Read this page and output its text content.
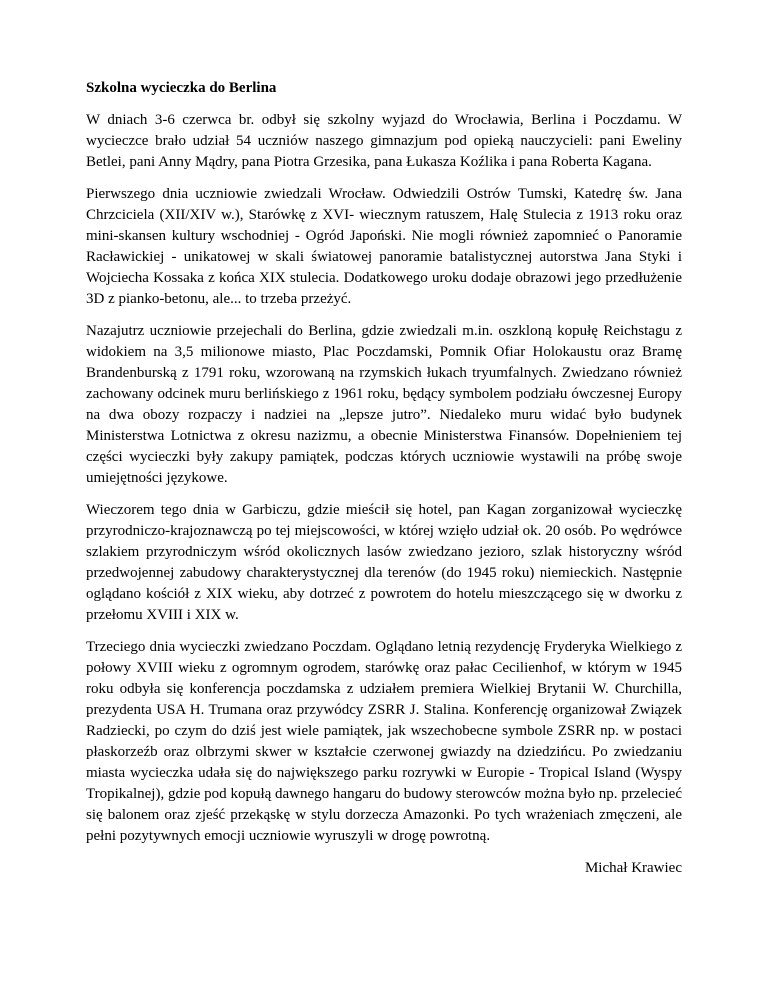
Szkolna wycieczka do Berlina

W dniach 3-6 czerwca br. odbył się szkolny wyjazd do Wrocławia, Berlina i Poczdamu. W wycieczce brało udział 54 uczniów naszego gimnazjum pod opieką nauczycieli: pani Eweliny Betlei, pani Anny Mądry, pana Piotra Grzesika, pana Łukasza Koźlika i pana Roberta Kagana.

Pierwszego dnia uczniowie zwiedzali Wrocław. Odwiedzili Ostrów Tumski, Katedrę św. Jana Chrzciciela (XII/XIV w.), Starówkę z XVI- wiecznym ratuszem, Halę Stulecia z 1913 roku oraz mini-skansen kultury wschodniej - Ogród Japoński. Nie mogli również zapomnieć o Panoramie Racławickiej - unikatowej w skali światowej panoramie batalistycznej autorstwa Jana Styki i Wojciecha Kossaka z końca XIX stulecia. Dodatkowego uroku dodaje obrazowi jego przedłużenie 3D z pianko-betonu, ale... to trzeba przeżyć.

Nazajutrz uczniowie przejechali do Berlina, gdzie zwiedzali m.in. oszkloną kopułę Reichstagu z widokiem na 3,5 milionowe miasto, Plac Poczdamski, Pomnik Ofiar Holokaustu oraz Bramę Brandenburską z 1791 roku, wzorowaną na rzymskich łukach tryumfalnych. Zwiedzano również zachowany odcinek muru berlińskiego z 1961 roku, będący symbolem podziału ówczesnej Europy na dwa obozy rozpaczy i nadziei na „lepsze jutro”. Niedaleko muru widać było budynek Ministerstwa Lotnictwa z okresu nazizmu, a obecnie Ministerstwa Finansów. Dopełnieniem tej części wycieczki były zakupy pamiątek, podczas których uczniowie wystawili na próbę swoje umiejętności językowe.

Wieczorem tego dnia w Garbiczu, gdzie mieścił się hotel, pan Kagan zorganizował wycieczkę przyrodniczo-krajoznawczą po tej miejscowości, w której wzięło udział ok. 20 osób. Po wędrówce szlakiem przyrodniczym wśród okolicznych lasów zwiedzano jezioro, szlak historyczny wśród przedwojennej zabudowy charakterystycznej dla terenów (do 1945 roku) niemieckich. Następnie oglądano kościół z XIX wieku, aby dotrzeć z powrotem do hotelu mieszczącego się w dworku z przełomu XVIII i XIX w.

Trzeciego dnia wycieczki zwiedzano Poczdam. Oglądano letnią rezydencję Fryderyka Wielkiego z połowy XVIII wieku z ogromnym ogrodem, starówkę oraz pałac Cecilienhof, w którym w 1945 roku odbyła się konferencja poczdamska z udziałem premiera Wielkiej Brytanii W. Churchilla, prezydenta USA H. Trumana oraz przywódcy ZSRR J. Stalina. Konferencję organizował Związek Radziecki, po czym do dziś jest wiele pamiątek, jak wszechobecne symbole ZSRR np. w postaci płaskorzeźb oraz olbrzymi skwer w kształcie czerwonej gwiazdy na dziedzińcu. Po zwiedzaniu miasta wycieczka udała się do największego parku rozrywki w Europie - Tropical Island (Wyspy Tropikalnej), gdzie pod kopułą dawnego hangaru do budowy sterowców można było np. przelecieć się balonem oraz zjeść przekąskę w stylu dorzecza Amazonki. Po tych wrażeniach zmęczeni, ale pełni pozytywnych emocji uczniowie wyruszyli w drogę powrotną.

Michał Krawiec
